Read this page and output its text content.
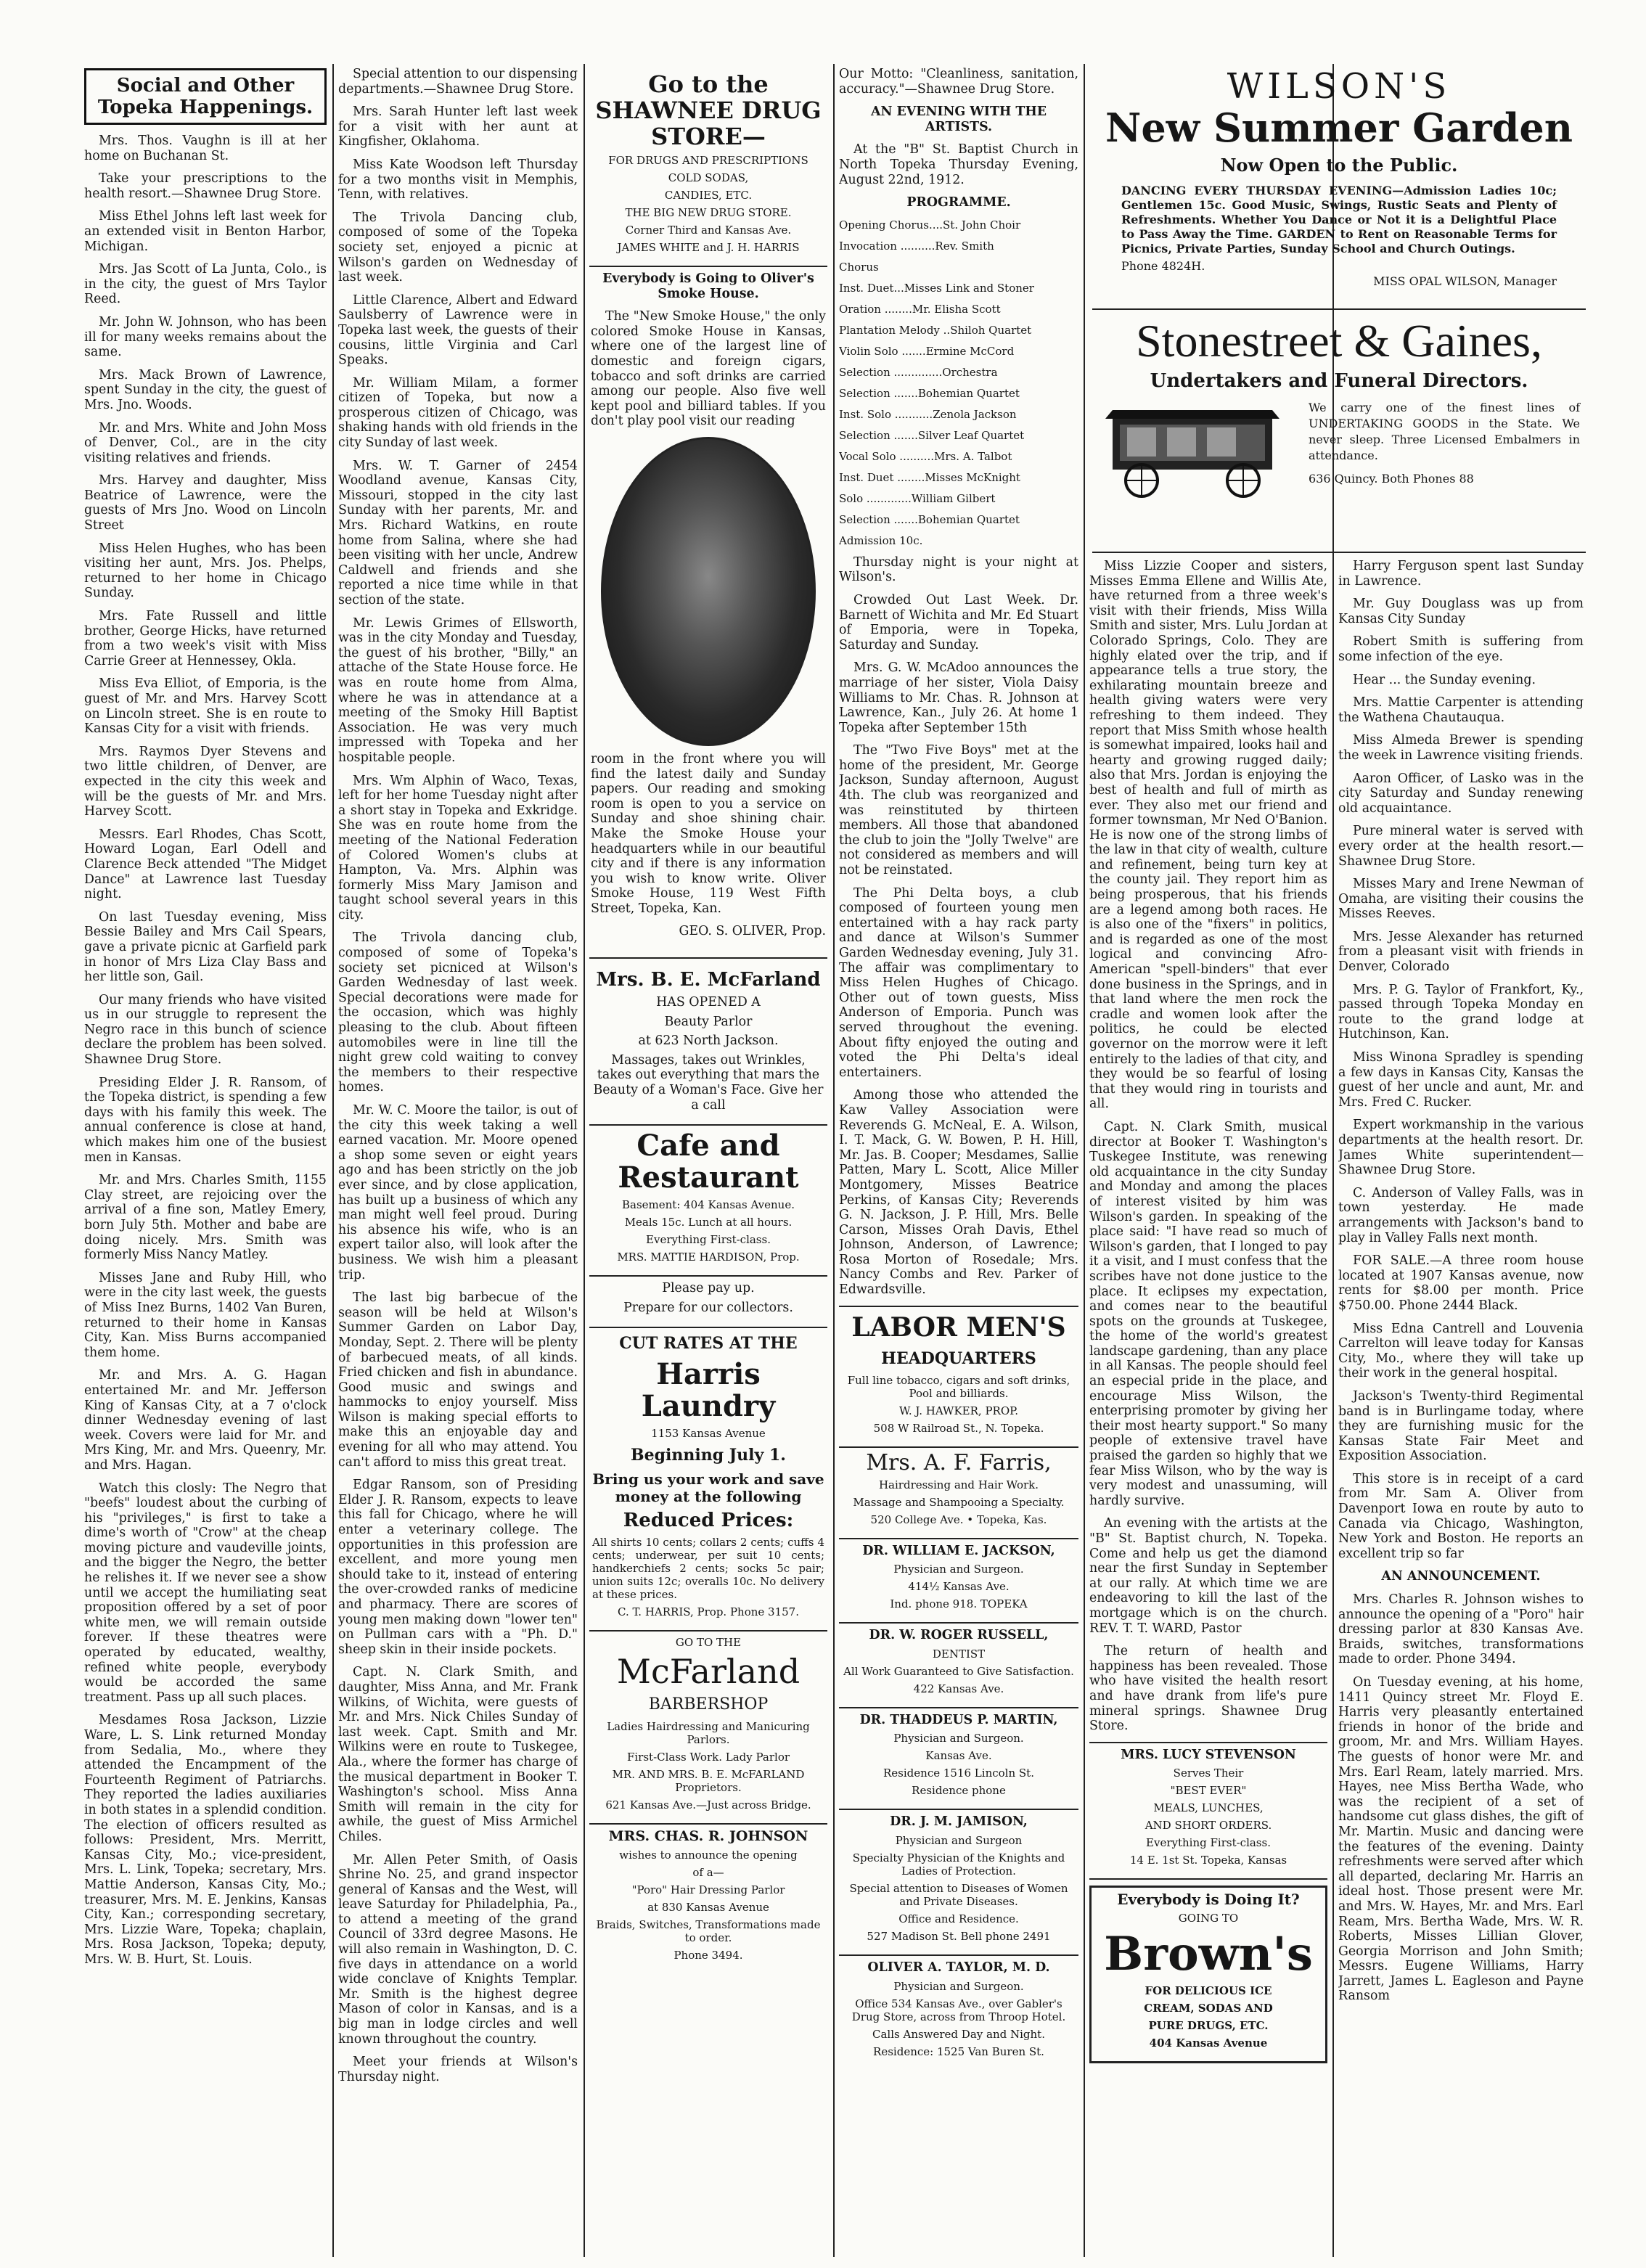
Social and Other Topeka Happenings.

Mrs. Thos. Vaughn is ill at her home on Buchanan St.

Take your prescriptions to the health resort.—Shawnee Drug Store.

Miss Ethel Johns left last week for an extended visit in Benton Harbor, Michigan.

Mrs. Jas Scott of La Junta, Colo., is in the city, the guest of Mrs Taylor Reed.

Mr. John W. Johnson, who has been ill for many weeks remains about the same.

Mrs. Mack Brown of Lawrence, spent Sunday in the city, the guest of Mrs. Jno. Woods.

Mr. and Mrs. White and John Moss of Denver, Col., are in the city visiting relatives and friends.

Mrs. Harvey and daughter, Miss Beatrice of Lawrence, were the guests of Mrs Jno. Wood on Lincoln Street

Miss Helen Hughes, who has been visiting her aunt, Mrs. Jos. Phelps, returned to her home in Chicago Sunday.

Mrs. Fate Russell and little brother, George Hicks, have returned from a two week's visit with Miss Carrie Greer at Hennessey, Okla.

Miss Eva Elliot, of Emporia, is the guest of Mr. and Mrs. Harvey Scott on Lincoln street. She is en route to Kansas City for a visit with friends.

Mrs. Raymos Dyer Stevens and two little children, of Denver, are expected in the city this week and will be the guests of Mr. and Mrs. Harvey Scott.

Messrs. Earl Rhodes, Chas Scott, Howard Logan, Earl Odell and Clarence Beck attended "The Midget Dance" at Lawrence last Tuesday night.

On last Tuesday evening, Miss Bessie Bailey and Mrs Cail Spears, gave a private picnic at Garfield park in honor of Mrs Liza Clay Bass and her little son, Gail.

Our many friends who have visited us in our struggle to represent the Negro race in this bunch of science declare the problem has been solved. Shawnee Drug Store.

Presiding Elder J. R. Ransom, of the Topeka district, is spending a few days with his family this week. The annual conference is close at hand, which makes him one of the busiest men in Kansas.

Mr. and Mrs. Charles Smith, 1155 Clay street, are rejoicing over the arrival of a fine son, Matley Emery, born July 5th. Mother and babe are doing nicely. Mrs. Smith was formerly Miss Nancy Matley.

Misses Jane and Ruby Hill, who were in the city last week, the guests of Miss Inez Burns, 1402 Van Buren, returned to their home in Kansas City, Kan. Miss Burns accompanied them home.

Mr. and Mrs. A. G. Hagan entertained Mr. and Mr. Jefferson King of Kansas City, at a 7 o'clock dinner Wednesday evening of last week. Covers were laid for Mr. and Mrs King, Mr. and Mrs. Queenry, Mr. and Mrs. Hagan.

Watch this closly: The Negro that "beefs" loudest about the curbing of his "privileges," is first to take a dime's worth of "Crow" at the cheap moving picture and vaudeville joints, and the bigger the Negro, the better he relishes it. If we never see a show until we accept the humiliating seat proposition offered by a set of poor white men, we will remain outside forever. If these theatres were operated by educated, wealthy, refined white people, everybody would be accorded the same treatment. Pass up all such places.

Mesdames Rosa Jackson, Lizzie Ware, L. S. Link returned Monday from Sedalia, Mo., where they attended the Encampment of the Fourteenth Regiment of Patriarchs. They reported the ladies auxiliaries in both states in a splendid condition. The election of officers resulted as follows: President, Mrs. Merritt, Kansas City, Mo.; vice-president, Mrs. L. Link, Topeka; secretary, Mrs. Mattie Anderson, Kansas City, Mo.; treasurer, Mrs. M. E. Jenkins, Kansas City, Kan.; corresponding secretary, Mrs. Lizzie Ware, Topeka; chaplain, Mrs. Rosa Jackson, Topeka; deputy, Mrs. W. B. Hurt, St. Louis.

Special attention to our dispensing departments.—Shawnee Drug Store.

Mrs. Sarah Hunter left last week for a visit with her aunt at Kingfisher, Oklahoma.

Miss Kate Woodson left Thursday for a two months visit in Memphis, Tenn, with relatives.

The Trivola Dancing club, composed of some of the Topeka society set, enjoyed a picnic at Wilson's garden on Wednesday of last week.

Little Clarence, Albert and Edward Saulsberry of Lawrence were in Topeka last week, the guests of their cousins, little Virginia and Carl Speaks.

Mr. William Milam, a former citizen of Topeka, but now a prosperous citizen of Chicago, was shaking hands with old friends in the city Sunday of last week.

Mrs. W. T. Garner of 2454 Woodland avenue, Kansas City, Missouri, stopped in the city last Sunday with her parents, Mr. and Mrs. Richard Watkins, en route home from Salina, where she had been visiting with her uncle, Andrew Caldwell and friends and she reported a nice time while in that section of the state.

Mr. Lewis Grimes of Ellsworth, was in the city Monday and Tuesday, the guest of his brother, "Billy," an attache of the State House force. He was en route home from Alma, where he was in attendance at a meeting of the Smoky Hill Baptist Association. He was very much impressed with Topeka and her hospitable people.

Mrs. Wm Alphin of Waco, Texas, left for her home Tuesday night after a short stay in Topeka and Exkridge. She was en route home from the meeting of the National Federation of Colored Women's clubs at Hampton, Va. Mrs. Alphin was formerly Miss Mary Jamison and taught school several years in this city.

The Trivola dancing club, composed of some of Topeka's society set picniced at Wilson's Garden Wednesday of last week. Special decorations were made for the occasion, which was highly pleasing to the club. About fifteen automobiles were in line till the night grew cold waiting to convey the members to their respective homes.

Mr. W. C. Moore the tailor, is out of the city this week taking a well earned vacation. Mr. Moore opened a shop some seven or eight years ago and has been strictly on the job ever since, and by close application, has built up a business of which any man might well feel proud. During his absence his wife, who is an expert tailor also, will look after the business. We wish him a pleasant trip.

The last big barbecue of the season will be held at Wilson's Summer Garden on Labor Day, Monday, Sept. 2. There will be plenty of barbecued meats, of all kinds. Fried chicken and fish in abundance. Good music and swings and hammocks to enjoy yourself. Miss Wilson is making special efforts to make this an enjoyable day and evening for all who may attend. You can't afford to miss this great treat.

Edgar Ransom, son of Presiding Elder J. R. Ransom, expects to leave this fall for Chicago, where he will enter a veterinary college. The opportunities in this profession are excellent, and more young men should take to it, instead of entering the over-crowded ranks of medicine and pharmacy. There are scores of young men making down "lower ten" on Pullman cars with a "Ph. D." sheep skin in their inside pockets.

Capt. N. Clark Smith, and daughter, Miss Anna, and Mr. Frank Wilkins, of Wichita, were guests of Mr. and Mrs. Nick Chiles Sunday of last week. Capt. Smith and Mr. Wilkins were en route to Tuskegee, Ala., where the former has charge of the musical department in Booker T. Washington's school. Miss Anna Smith will remain in the city for awhile, the guest of Miss Armichel Chiles.

Mr. Allen Peter Smith, of Oasis Shrine No. 25, and grand inspector general of Kansas and the West, will leave Saturday for Philadelphia, Pa., to attend a meeting of the grand Council of 33rd degree Masons. He will also remain in Washington, D. C. five days in attendance on a world wide conclave of Knights Templar. Mr. Smith is the highest degree Mason of color in Kansas, and is a big man in lodge circles and well known throughout the country.

Meet your friends at Wilson's Thursday night.

Go to the SHAWNEE DRUG STORE—

FOR DRUGS AND PRESCRIPTIONS

COLD SODAS,

CANDIES, ETC.

THE BIG NEW DRUG STORE.

Corner Third and Kansas Ave.

JAMES WHITE and J. H. HARRIS

Everybody is Going to Oliver's Smoke House.

The "New Smoke House," the only colored Smoke House in Kansas, where one of the largest line of domestic and foreign cigars, tobacco and soft drinks are carried among our people. Also five well kept pool and billiard tables. If you don't play pool visit our reading

room in the front where you will find the latest daily and Sunday papers. Our reading and smoking room is open to you a service on Sunday and shoe shining chair. Make the Smoke House your headquarters while in our beautiful city and if there is any information you wish to know write. Oliver Smoke House, 119 West Fifth Street, Topeka, Kan.

GEO. S. OLIVER, Prop.

Mrs. B. E. McFarland

HAS OPENED A

Beauty Parlor

at 623 North Jackson.

Massages, takes out Wrinkles, takes out everything that mars the Beauty of a Woman's Face. Give her a call

Cafe and Restaurant

Basement: 404 Kansas Avenue.

Meals 15c. Lunch at all hours.

Everything First-class.

MRS. MATTIE HARDISON, Prop.

Please pay up.

Prepare for our collectors.

CUT RATES AT THE

Harris Laundry

1153 Kansas Avenue

Beginning July 1.

Bring us your work and save money at the following

Reduced Prices:

All shirts 10 cents; collars 2 cents; cuffs 4 cents; underwear, per suit 10 cents; handkerchiefs 2 cents; socks 5c pair; union suits 12c; overalls 10c. No delivery at these prices.

C. T. HARRIS, Prop. Phone 3157.

GO TO THE

McFarland

BARBERSHOP

Ladies Hairdressing and Manicuring Parlors.

First-Class Work. Lady Parlor

MR. AND MRS. B. E. McFARLAND Proprietors.

621 Kansas Ave.—Just across Bridge.

MRS. CHAS. R. JOHNSON

wishes to announce the opening

of a—

"Poro" Hair Dressing Parlor

at 830 Kansas Avenue

Braids, Switches, Transformations made to order.

Phone 3494.

Our Motto: "Cleanliness, sanitation, accuracy."—Shawnee Drug Store.

AN EVENING WITH THE ARTISTS.

At the "B" St. Baptist Church in North Topeka Thursday Evening, August 22nd, 1912.

PROGRAMME.

Opening Chorus....St. John Choir

Invocation ..........Rev. Smith

Chorus

Inst. Duet...Misses Link and Stoner

Oration ........Mr. Elisha Scott

Plantation Melody ..Shiloh Quartet

Violin Solo .......Ermine McCord

Selection ..............Orchestra

Selection .......Bohemian Quartet

Inst. Solo ...........Zenola Jackson

Selection .......Silver Leaf Quartet

Vocal Solo ..........Mrs. A. Talbot

Inst. Duet ........Misses McKnight

Solo .............William Gilbert

Selection .......Bohemian Quartet

Admission 10c.

Thursday night is your night at Wilson's.

Crowded Out Last Week. Dr. Barnett of Wichita and Mr. Ed Stuart of Emporia, were in Topeka, Saturday and Sunday.

Mrs. G. W. McAdoo announces the marriage of her sister, Viola Daisy Williams to Mr. Chas. R. Johnson at Lawrence, Kan., July 26. At home 1 Topeka after September 15th

The "Two Five Boys" met at the home of the president, Mr. George Jackson, Sunday afternoon, August 4th. The club was reorganized and was reinstituted by thirteen members. All those that abandoned the club to join the "Jolly Twelve" are not considered as members and will not be reinstated.

The Phi Delta boys, a club composed of fourteen young men entertained with a hay rack party and dance at Wilson's Summer Garden Wednesday evening, July 31. The affair was complimentary to Miss Helen Hughes of Chicago. Other out of town guests, Miss Anderson of Emporia. Punch was served throughout the evening. About fifty enjoyed the outing and voted the Phi Delta's ideal entertainers.

Among those who attended the Kaw Valley Association were Reverends G. McNeal, E. A. Wilson, I. T. Mack, G. W. Bowen, P. H. Hill, Mr. Jas. B. Cooper; Mesdames, Sallie Patten, Mary L. Scott, Alice Miller Montgomery, Misses Beatrice Perkins, of Kansas City; Reverends G. N. Jackson, J. P. Hill, Mrs. Belle Carson, Misses Orah Davis, Ethel Johnson, Anderson, of Lawrence; Rosa Morton of Rosedale; Mrs. Nancy Combs and Rev. Parker of Edwardsville.

LABOR MEN'S

HEADQUARTERS

Full line tobacco, cigars and soft drinks, Pool and billiards.

W. J. HAWKER, PROP.

508 W Railroad St., N. Topeka.

Mrs. A. F. Farris,

Hairdressing and Hair Work.

Massage and Shampooing a Specialty.

520 College Ave. • Topeka, Kas.

DR. WILLIAM E. JACKSON,

Physician and Surgeon.

414½ Kansas Ave.

Ind. phone 918. TOPEKA

DR. W. ROGER RUSSELL,

DENTIST

All Work Guaranteed to Give Satisfaction.

422 Kansas Ave.

DR. THADDEUS P. MARTIN,

Physician and Surgeon.

Kansas Ave.

Residence 1516 Lincoln St.

Residence phone

DR. J. M. JAMISON,

Physician and Surgeon

Specialty Physician of the Knights and Ladies of Protection.

Special attention to Diseases of Women and Private Diseases.

Office and Residence.

527 Madison St. Bell phone 2491

OLIVER A. TAYLOR, M. D.

Physician and Surgeon.

Office 534 Kansas Ave., over Gabler's Drug Store, across from Throop Hotel.

Calls Answered Day and Night.

Residence: 1525 Van Buren St.

WILSON'S

New Summer Garden

Now Open to the Public.

DANCING EVERY THURSDAY EVENING—Admission Ladies 10c; Gentlemen 15c. Good Music, Swings, Rustic Seats and Plenty of Refreshments. Whether You Dance or Not it is a Delightful Place to Pass Away the Time. GARDEN to Rent on Reasonable Terms for Picnics, Private Parties, Sunday School and Church Outings.

Phone 4824H.

MISS OPAL WILSON, Manager

Stonestreet & Gaines,

Undertakers and Funeral Directors.

We carry one of the finest lines of UNDERTAKING GOODS in the State. We never sleep. Three Licensed Embalmers in attendance.

636 Quincy. Both Phones 88

Miss Lizzie Cooper and sisters, Misses Emma Ellene and Willis Ate, have returned from a three week's visit with their friends, Miss Willa Smith and sister, Mrs. Lulu Jordan at Colorado Springs, Colo. They are highly elated over the trip, and if appearance tells a true story, the exhilarating mountain breeze and health giving waters were very refreshing to them indeed. They report that Miss Smith whose health is somewhat impaired, looks hail and hearty and growing rugged daily; also that Mrs. Jordan is enjoying the best of health and full of mirth as ever. They also met our friend and former townsman, Mr Ned O'Banion. He is now one of the strong limbs of the law in that city of wealth, culture and refinement, being turn key at the county jail. They report him as being prosperous, that his friends are a legend among both races. He is also one of the "fixers" in politics, and is regarded as one of the most logical and convincing Afro-American "spell-binders" that ever done business in the Springs, and in that land where the men rock the cradle and women look after the politics, he could be elected governor on the morrow were it left entirely to the ladies of that city, and they would be so fearful of losing that they would ring in tourists and all.

Capt. N. Clark Smith, musical director at Booker T. Washington's Tuskegee Institute, was renewing old acquaintance in the city Sunday and Monday and among the places of interest visited by him was Wilson's garden. In speaking of the place said: "I have read so much of Wilson's garden, that I longed to pay it a visit, and I must confess that the scribes have not done justice to the place. It eclipses my expectation, and comes near to the beautiful spots on the grounds at Tuskegee, the home of the world's greatest landscape gardening, than any place in all Kansas. The people should feel an especial pride in the place, and encourage Miss Wilson, the enterprising promoter by giving her their most hearty support." So many people of extensive travel have praised the garden so highly that we fear Miss Wilson, who by the way is very modest and unassuming, will hardly survive.

An evening with the artists at the "B" St. Baptist church, N. Topeka. Come and help us get the diamond near the first Sunday in September at our rally. At which time we are endeavoring to kill the last of the mortgage which is on the church. REV. T. T. WARD, Pastor

The return of health and happiness has been revealed. Those who have visited the health resort and have drank from life's pure mineral springs. Shawnee Drug Store.

MRS. LUCY STEVENSON

Serves Their

"BEST EVER"

MEALS, LUNCHES,

AND SHORT ORDERS.

Everything First-class.

14 E. 1st St. Topeka, Kansas

Everybody is Doing It?

GOING TO

Brown's

FOR DELICIOUS ICE

CREAM, SODAS AND

PURE DRUGS, ETC.

404 Kansas Avenue

Harry Ferguson spent last Sunday in Lawrence.

Mr. Guy Douglass was up from Kansas City Sunday

Robert Smith is suffering from some infection of the eye.

Hear ... the Sunday evening.

Mrs. Mattie Carpenter is attending the Wathena Chautauqua.

Miss Almeda Brewer is spending the week in Lawrence visiting friends.

Aaron Officer, of Lasko was in the city Saturday and Sunday renewing old acquaintance.

Pure mineral water is served with every order at the health resort.—Shawnee Drug Store.

Misses Mary and Irene Newman of Omaha, are visiting their cousins the Misses Reeves.

Mrs. Jesse Alexander has returned from a pleasant visit with friends in Denver, Colorado

Mrs. P. G. Taylor of Frankfort, Ky., passed through Topeka Monday en route to the grand lodge at Hutchinson, Kan.

Miss Winona Spradley is spending a few days in Kansas City, Kansas the guest of her uncle and aunt, Mr. and Mrs. Fred C. Rucker.

Expert workmanship in the various departments at the health resort. Dr. James White superintendent—Shawnee Drug Store.

C. Anderson of Valley Falls, was in town yesterday. He made arrangements with Jackson's band to play in Valley Falls next month.

FOR SALE.—A three room house located at 1907 Kansas avenue, now rents for $8.00 per month. Price $750.00. Phone 2444 Black.

Miss Edna Cantrell and Louvenia Carrelton will leave today for Kansas City, Mo., where they will take up their work in the general hospital.

Jackson's Twenty-third Regimental band is in Burlingame today, where they are furnishing music for the Kansas State Fair Meet and Exposition Association.

This store is in receipt of a card from Mr. Sam A. Oliver from Davenport Iowa en route by auto to Canada via Chicago, Washington, New York and Boston. He reports an excellent trip so far

AN ANNOUNCEMENT.

Mrs. Charles R. Johnson wishes to announce the opening of a "Poro" hair dressing parlor at 830 Kansas Ave. Braids, switches, transformations made to order. Phone 3494.

On Tuesday evening, at his home, 1411 Quincy street Mr. Floyd E. Harris very pleasantly entertained friends in honor of the bride and groom, Mr. and Mrs. William Hayes. The guests of honor were Mr. and Mrs. Earl Ream, lately married. Mrs. Hayes, nee Miss Bertha Wade, who was the recipient of a set of handsome cut glass dishes, the gift of Mr. Martin. Music and dancing were the features of the evening. Dainty refreshments were served after which all departed, declaring Mr. Harris an ideal host. Those present were Mr. and Mrs. W. Hayes, Mr. and Mrs. Earl Ream, Mrs. Bertha Wade, Mrs. W. R. Roberts, Misses Lillian Glover, Georgia Morrison and John Smith; Messrs. Eugene Williams, Harry Jarrett, James L. Eagleson and Payne Ransom
